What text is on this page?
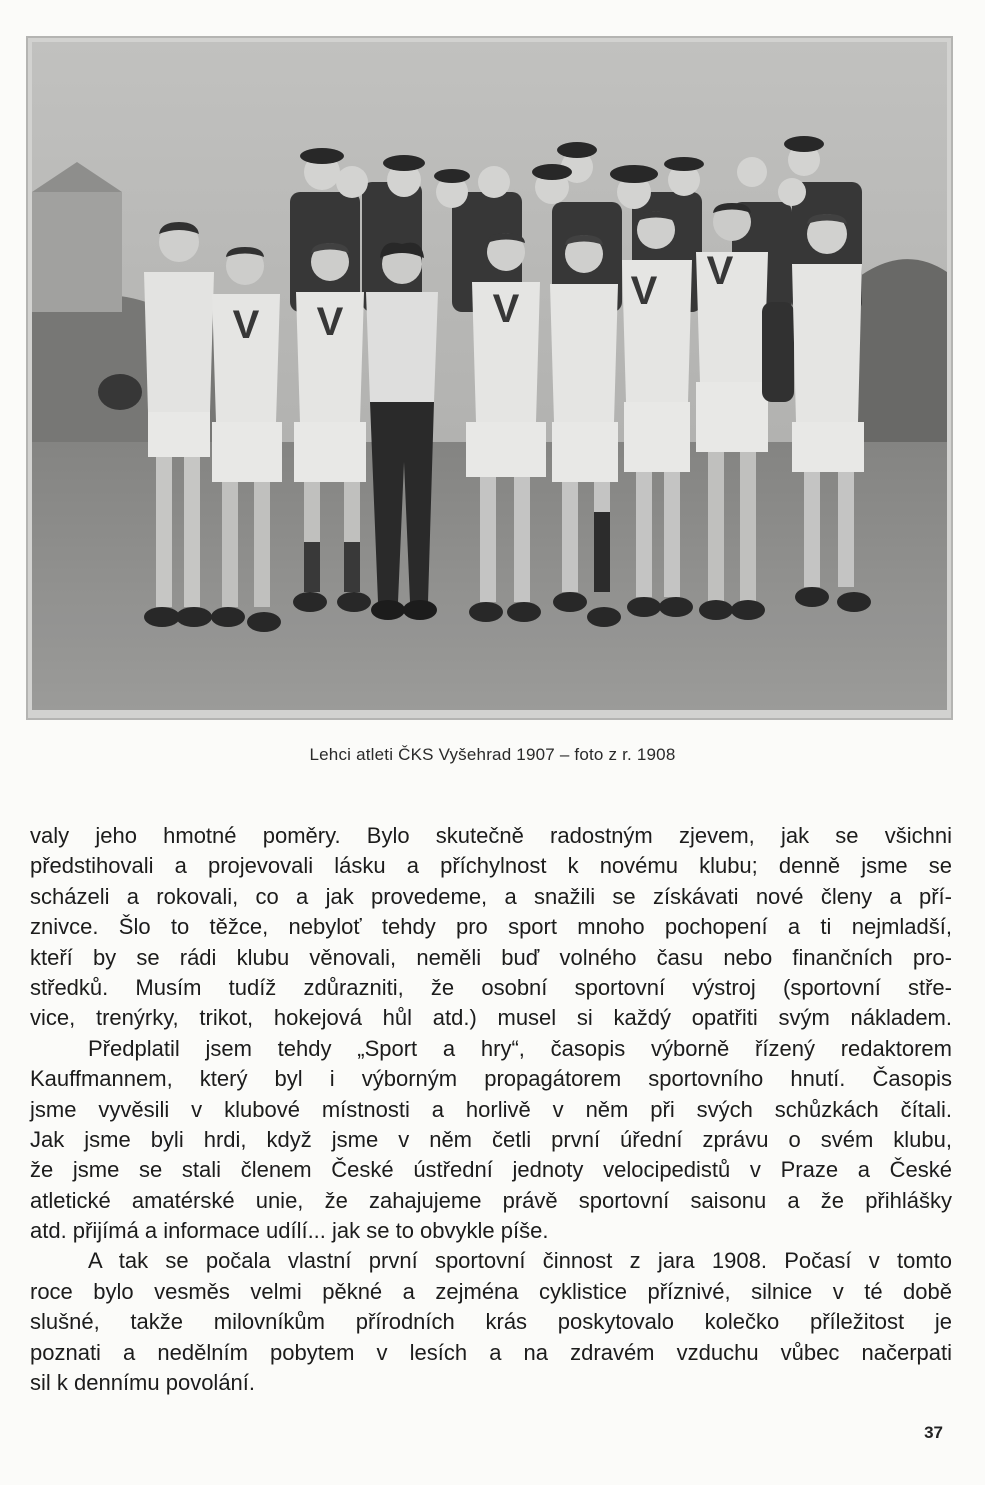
V V	V	V V
Lehci atleti ČKS Vyšehrad 1907 – foto z r. 1908
valy jeho hmotné poměry. Bylo skutečně radostným zjevem, jak se všichni
předstihovali a projevovali lásku a příchylnost k novému klubu; denně jsme se
scházeli a rokovali, co a jak provedeme, a snažili se získávati nové členy a pří-
znivce. Šlo to těžce, nebyloť tehdy pro sport mnoho pochopení a ti nejmladší,
kteří by se rádi klubu věnovali, neměli buď volného času nebo finančních pro-
středků. Musím tudíž zdůrazniti, že osobní sportovní výstroj (sportovní stře-
vice, trenýrky, trikot, hokejová hůl atd.) musel si každý opatřiti svým nákladem.
Předplatil jsem tehdy „Sport a hry“, časopis výborně řízený redaktorem
Kauffmannem, který byl i výborným propagátorem sportovního hnutí. Časopis
jsme vyvěsili v klubové místnosti a horlivě v něm při svých schůzkách čítali.
Jak jsme byli hrdi, když jsme v něm četli první úřední zprávu o svém klubu,
že jsme se stali členem České ústřední jednoty velocipedistů v Praze a České
atletické amatérské unie, že zahajujeme právě sportovní saisonu a že přihlášky
atd. přijímá a informace udílí... jak se to obvykle píše.
A tak se počala vlastní první sportovní činnost z jara 1908. Počasí v tomto
roce bylo vesměs velmi pěkné a zejména cyklistice příznivé, silnice v té době
slušné, takže milovníkům přírodních krás poskytovalo kolečko příležitost je
poznati a nedělním pobytem v lesích a na zdravém vzduchu vůbec načerpati
sil k dennímu povolání.
37
